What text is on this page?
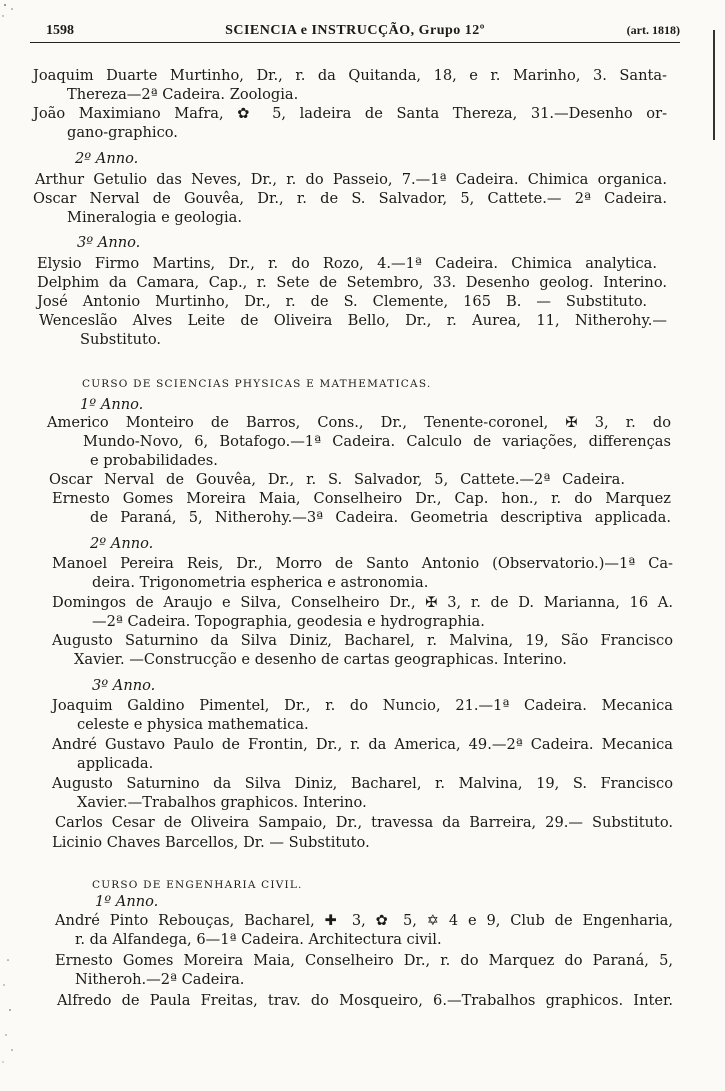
1598	SCIENCIA e INSTRUCÇÃO, Grupo 12º	(art. 1818)
Joaquim Duarte Murtinho, Dr., r. da Quitanda, 18, e r. Marinho, 3. Santa-
Thereza—2ª Cadeira. Zoologia.
João Maximiano Mafra, ✿ 5, ladeira de Santa Thereza, 31.—Desenho or-
gano-graphico.
2º Anno.
Arthur Getulio das Neves, Dr., r. do Passeio, 7.—1ª Cadeira. Chimica organica.
Oscar Nerval de Gouvêa, Dr., r. de S. Salvador, 5, Cattete.— 2ª Cadeira.
Mineralogia e geologia.
3º Anno.
Elysio Firmo Martins, Dr., r. do Rozo, 4.—1ª Cadeira. Chimica analytica.
Delphim da Camara, Cap., r. Sete de Setembro, 33. Desenho geolog. Interino.
José Antonio Murtinho, Dr., r. de S. Clemente, 165 B. — Substituto.
Wenceslão Alves Leite de Oliveira Bello, Dr., r. Aurea, 11, Nitherohy.—
Substituto.
CURSO DE SCIENCIAS PHYSICAS E MATHEMATICAS.
1º Anno.
Americo Monteiro de Barros, Cons., Dr., Tenente-coronel, ✠ 3, r. do
Mundo-Novo, 6, Botafogo.—1ª Cadeira. Calculo de variações, differenças
e probabilidades.
Oscar Nerval de Gouvêa, Dr., r. S. Salvador, 5, Cattete.—2ª Cadeira.
Ernesto Gomes Moreira Maia, Conselheiro Dr., Cap. hon., r. do Marquez
de Paraná, 5, Nitherohy.—3ª Cadeira. Geometria descriptiva applicada.
2º Anno.
Manoel Pereira Reis, Dr., Morro de Santo Antonio (Observatorio.)—1ª Ca-
deira. Trigonometria espherica e astronomia.
Domingos de Araujo e Silva, Conselheiro Dr., ✠ 3, r. de D. Marianna, 16 A.
—2ª Cadeira. Topographia, geodesia e hydrographia.
Augusto Saturnino da Silva Diniz, Bacharel, r. Malvina, 19, São Francisco
Xavier. —Construcção e desenho de cartas geographicas. Interino.
3º Anno.
Joaquim Galdino Pimentel, Dr., r. do Nuncio, 21.—1ª Cadeira. Mecanica
celeste e physica mathematica.
André Gustavo Paulo de Frontin, Dr., r. da America, 49.—2ª Cadeira. Mecanica
applicada.
Augusto Saturnino da Silva Diniz, Bacharel, r. Malvina, 19, S. Francisco
Xavier.—Trabalhos graphicos. Interino.
Carlos Cesar de Oliveira Sampaio, Dr., travessa da Barreira, 29.— Substituto.
Licinio Chaves Barcellos, Dr. — Substituto.
CURSO DE ENGENHARIA CIVIL.
1º Anno.
André Pinto Rebouças, Bacharel, ✚ 3, ✿ 5, ✡ 4 e 9, Club de Engenharia,
r. da Alfandega, 6—1ª Cadeira. Architectura civil.
Ernesto Gomes Moreira Maia, Conselheiro Dr., r. do Marquez do Paraná, 5,
Nitheroh.—2ª Cadeira.
Alfredo de Paula Freitas, trav. do Mosqueiro, 6.—Trabalhos graphicos. Inter.
